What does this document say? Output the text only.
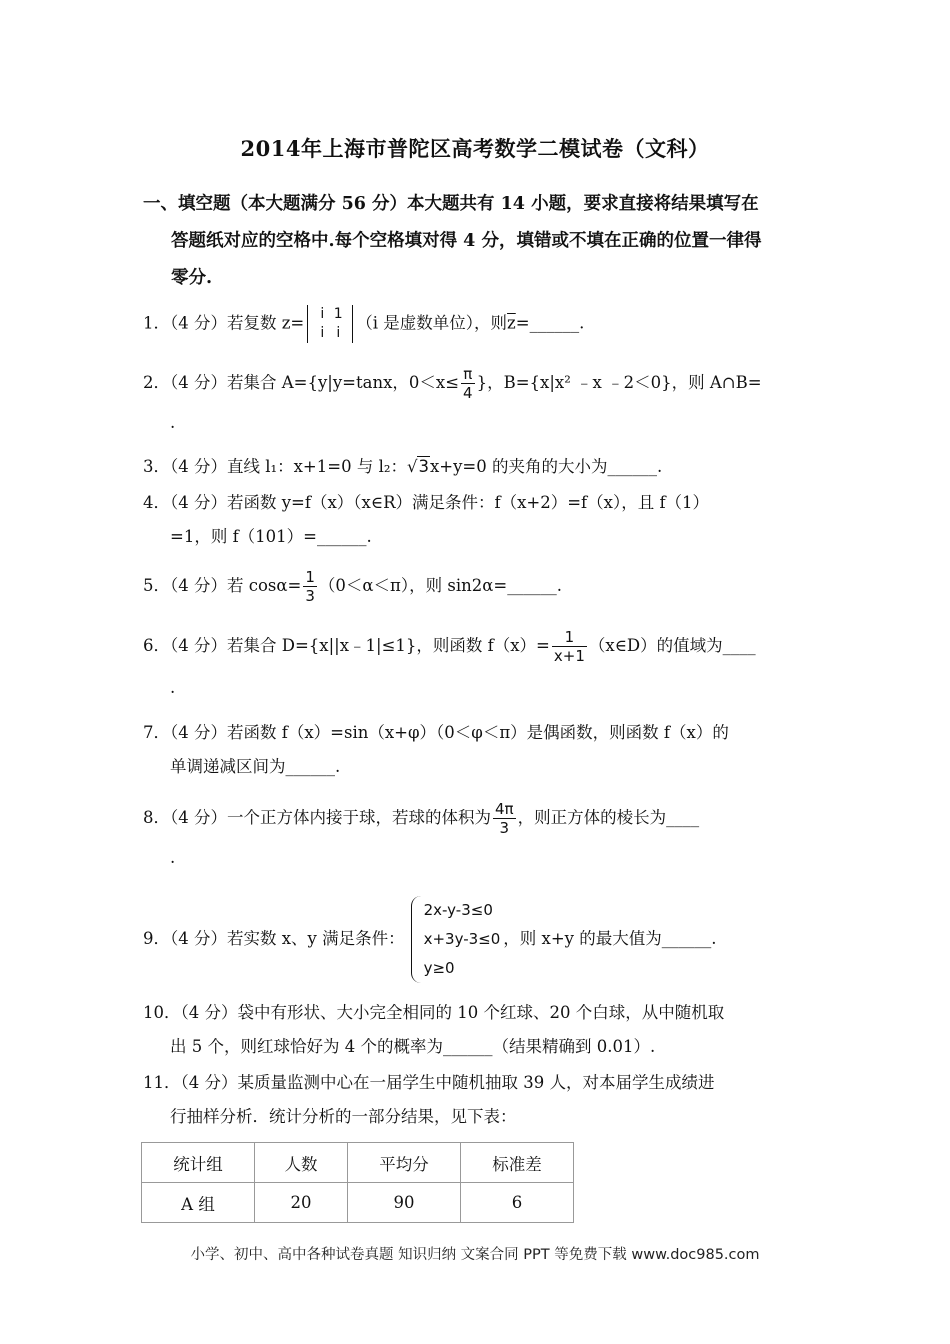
2014年上海市普陀区高考数学二模试卷（文科）
一、填空题（本大题满分 56 分）本大题共有 14 小题，要求直接将结果填写在
答题纸对应的空格中.每个空格填对得 4 分，填错或不填在正确的位置一律得
零分.
1．（4 分）若复数 z= i 1
i i（i 是虚数单位），则$\overline{z}=\_\_\_\_\_\_$.
2．（4 分）若集合 A={y|y=tanx，$0<x\le \frac{\pi}{4}$ }，B={x|x² ﹣x ﹣2＜0}，则 A∩B=
.
3．（4 分）直线 l₁：x+1=0 与 l₂：√3x+y=0 的夹角的大小为______.
4．（4 分）若函数 y=f（x）（x∈R）满足条件：f（x+2）=f（x），且 f（1）
=1，则 f（101）=______.
5．（4 分）若 $\cos\alpha= \frac{1}{3} (0<\alpha<\pi)$，则 sin2α=______.
6．（4 分）若集合 D={x||x﹣1|≤1}，则函数 $f(x)= \frac{1}{x+1}$ （x∈D）的值域为____
.
7．（4 分）若函数 f（x）=sin（x+φ）（0＜φ＜π）是偶函数，则函数 f（x）的
单调递减区间为______.
8．（4 分）一个正方体内接于球，若球的体积为 $\frac{4\pi}{3}$ ，则正方体的棱长为____
.
9．（4 分）若实数 x、y 满足条件：
2x-y-3≤0
x+3y-3≤0
y≥0
，则 x+y 的最大值为______.
10．（4 分）袋中有形状、大小完全相同的 10 个红球、20 个白球，从中随机取
出 5 个，则红球恰好为 4 个的概率为______（结果精确到 0.01）.
11．（4 分）某质量监测中心在一届学生中随机抽取 39 人，对本届学生成绩进
行抽样分析．统计分析的一部分结果，见下表：
统计组	人数	平均分	标准差
A 组	20	90	6
小学、初中、高中各种试卷真题 知识归纳 文案合同 PPT 等免费下载 www.doc985.com
